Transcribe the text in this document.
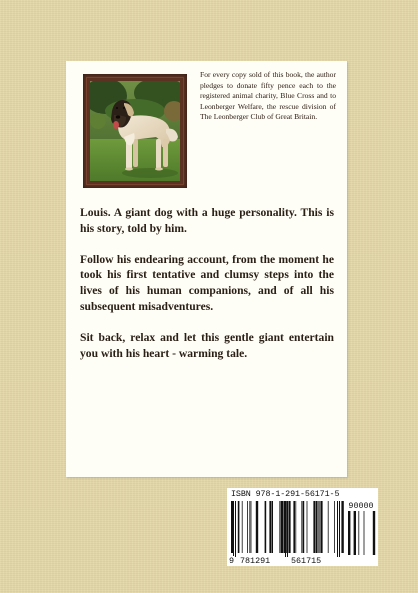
For every copy sold of this book, the author pledges to donate fifty pence each to the registered animal charity, Blue Cross and to Leonberger Welfare, the rescue division of The Leonberger Club of Great Britain.

Louis. A giant dog with a huge personality. This is his story, told by him.

Follow his endearing account, from the moment he took his first tentative and clumsy steps into the lives of his human companions, and of all his subsequent misadventures.

Sit back, relax and let this gentle giant entertain you with his heart - warming tale.

ISBN 978-1-291-56171-5
90000
9 781291 561715
